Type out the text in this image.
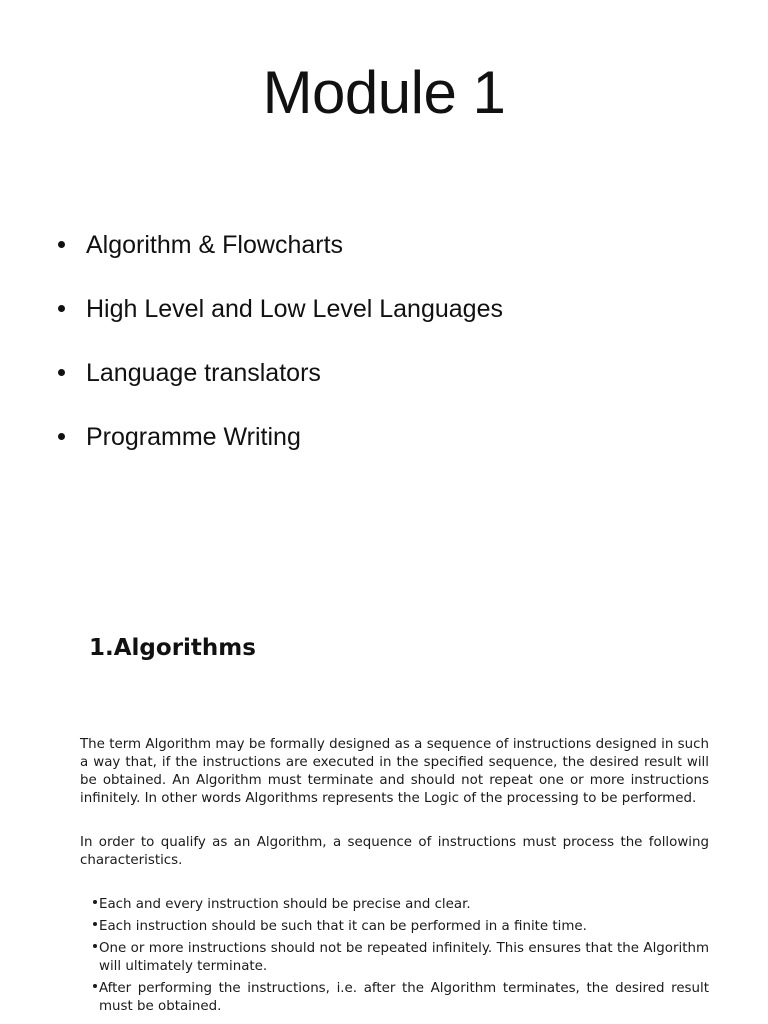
Module 1
Algorithm & Flowcharts
High Level and Low Level Languages
Language translators
Programme Writing
1.Algorithms

The term Algorithm may be formally designed as a sequence of instructions designed in such a way that, if the instructions are executed in the specified sequence, the desired result will be obtained. An Algorithm must terminate and should not repeat one or more instructions infinitely. In other words Algorithms represents the Logic of the processing to be performed.

In order to qualify as an Algorithm, a sequence of instructions must process the following characteristics.

Each and every instruction should be precise and clear.
Each instruction should be such that it can be performed in a finite time.
One or more instructions should not be repeated infinitely. This ensures that the Algorithm will ultimately terminate.
After performing the instructions, i.e. after the Algorithm terminates, the desired result must be obtained.
